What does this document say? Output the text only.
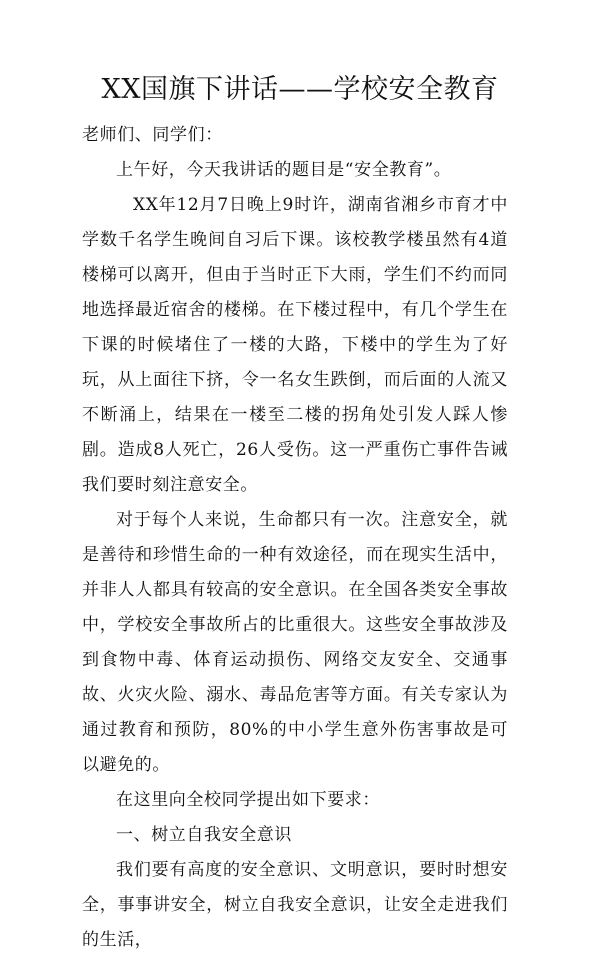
XX国旗下讲话——学校安全教育

老师们、同学们：

上午好，今天我讲话的题目是“安全教育”。

XX年12月7日晚上9时许，湖南省湘乡市育才中学数千名学生晚间自习后下课。该校教学楼虽然有4道楼梯可以离开，但由于当时正下大雨，学生们不约而同地选择最近宿舍的楼梯。在下楼过程中，有几个学生在下课的时候堵住了一楼的大路，下楼中的学生为了好玩，从上面往下挤，令一名女生跌倒，而后面的人流又不断涌上，结果在一楼至二楼的拐角处引发人踩人惨剧。造成8人死亡，26人受伤。这一严重伤亡事件告诫我们要时刻注意安全。

对于每个人来说，生命都只有一次。注意安全，就是善待和珍惜生命的一种有效途径，而在现实生活中，并非人人都具有较高的安全意识。在全国各类安全事故中，学校安全事故所占的比重很大。这些安全事故涉及到食物中毒、体育运动损伤、网络交友安全、交通事故、火灾火险、溺水、毒品危害等方面。有关专家认为通过教育和预防，80%的中小学生意外伤害事故是可以避免的。

在这里向全校同学提出如下要求：

一、树立自我安全意识

我们要有高度的安全意识、文明意识，要时时想安全，事事讲安全，树立自我安全意识，让安全走进我们的生活，
